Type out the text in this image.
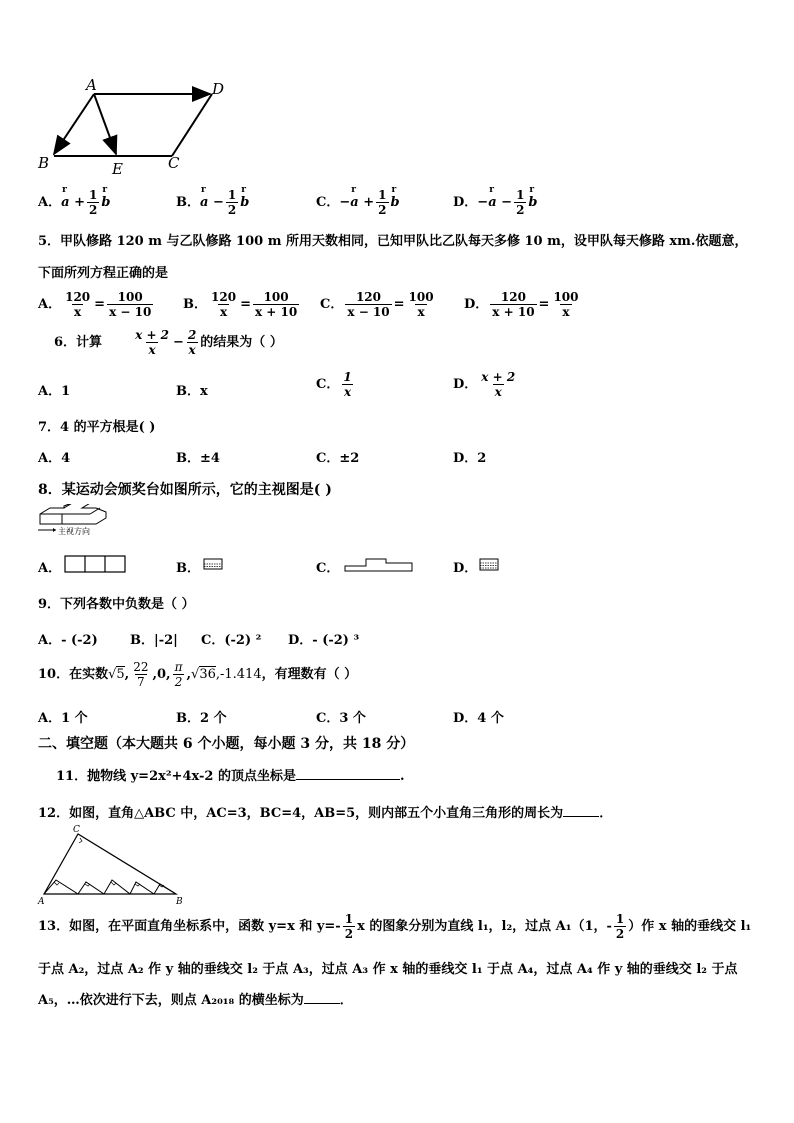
A	D
B	E	C
A．r $a + \frac{1}{2}$ r b	B．r $a - \frac{1}{2}$ r b	C．−r $a + \frac{1}{2}$ r b	D．−r $a - \frac{1}{2}$ r b
5．甲队修路 120 m 与乙队修路 100 m 所用天数相同，已知甲队比乙队每天多修 10 m，设甲队每天修路 xm.依题意，
下面所列方程正确的是
A． $\frac{120}{x} = \frac{100}{x - 10}$ B． $\frac{120}{x} = \frac{100}{x + 10}$ C． $\frac{120}{x - 10} = \frac{100}{x}$ D． $\frac{120}{x + 10} = \frac{100}{x}$
6．计算	$\frac{x + 2}{x} - \frac{2}{x}$ 的结果为（ ）
A．1	B．x	C． $\frac{1}{x}$	D． $\frac{x + 2}{x}$
7．4 的平方根是( )
A．4	B．±4	C．±2	D．2
8．某运动会颁奖台如图所示，它的主视图是( )
主视方向
A．	B．	C．	D．
9．下列各数中负数是（ ）
A．- (-2) B．|-2| C．(-2) ² D．- (-2) ³
10．在实数√5, $\frac{22}{7} ,0$, $\frac{\pi}{2} ,√36,-1.414$，有理数有（ ）
A．1 个	B．2 个	C．3 个	D．4 个
二、填空题（本大题共 6 个小题，每小题 3 分，共 18 分）
11．抛物线 y=2x²+4x-2 的顶点坐标是	.
12．如图，直角△ABC 中，AC=3，BC=4，AB=5，则内部五个小直角三角形的周长为	．
C
A	B
13．如图，在平面直角坐标系中，函数 y=x 和 $y=- \frac{1}{2}$ x 的图象分别为直线 l₁，l₂，过点 A₁（1，- $\frac{1}{2}$ ）作 x 轴的垂线交 l₁
于点 A₂，过点 A₂ 作 y 轴的垂线交 l₂ 于点 A₃，过点 A₃ 作 x 轴的垂线交 l₁ 于点 A₄，过点 A₄ 作 y 轴的垂线交 l₂ 于点
A₅，…依次进行下去，则点 A₂₀₁₈ 的横坐标为	．
